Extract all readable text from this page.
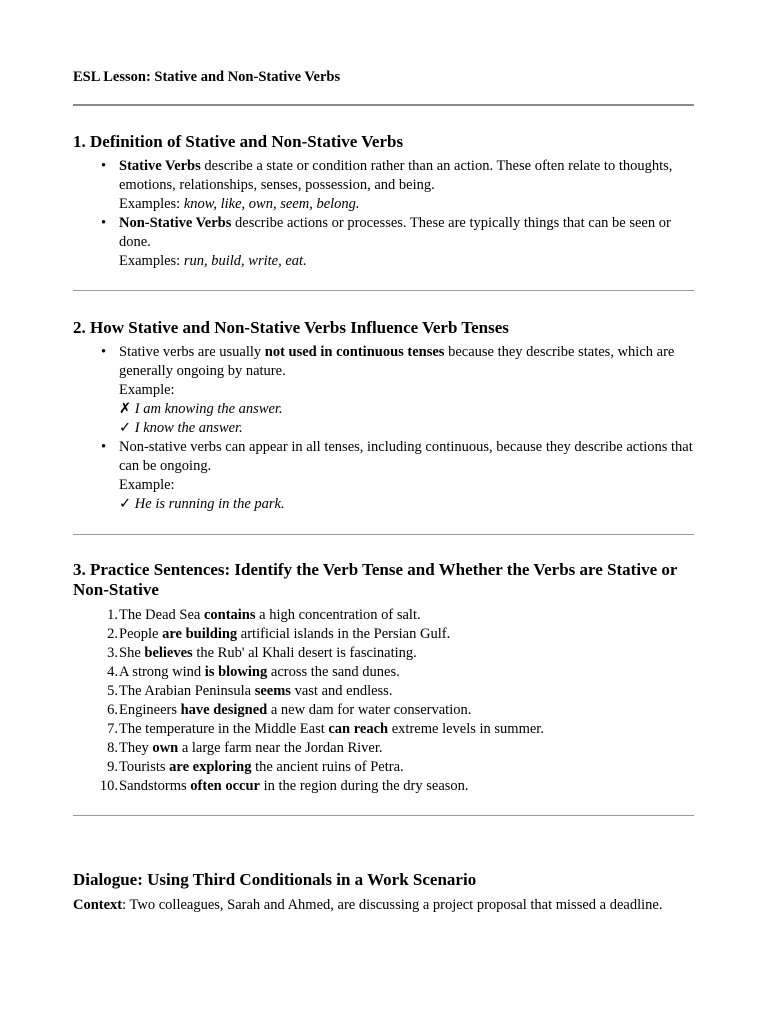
ESL Lesson: Stative and Non-Stative Verbs
1. Definition of Stative and Non-Stative Verbs
• Stative Verbs describe a state or condition rather than an action. These often relate to thoughts, emotions, relationships, senses, possession, and being.
Examples: know, like, own, seem, belong.
• Non-Stative Verbs describe actions or processes. These are typically things that can be seen or done.
Examples: run, build, write, eat.
2. How Stative and Non-Stative Verbs Influence Verb Tenses
• Stative verbs are usually not used in continuous tenses because they describe states, which are generally ongoing by nature.
Example:
✗ I am knowing the answer.
✓ I know the answer.
• Non-stative verbs can appear in all tenses, including continuous, because they describe actions that can be ongoing.
Example:
✓ He is running in the park.
3. Practice Sentences: Identify the Verb Tense and Whether the Verbs are Stative or Non-Stative
1. The Dead Sea contains a high concentration of salt.
2. People are building artificial islands in the Persian Gulf.
3. She believes the Rub' al Khali desert is fascinating.
4. A strong wind is blowing across the sand dunes.
5. The Arabian Peninsula seems vast and endless.
6. Engineers have designed a new dam for water conservation.
7. The temperature in the Middle East can reach extreme levels in summer.
8. They own a large farm near the Jordan River.
9. Tourists are exploring the ancient ruins of Petra.
10. Sandstorms often occur in the region during the dry season.
Dialogue: Using Third Conditionals in a Work Scenario
Context: Two colleagues, Sarah and Ahmed, are discussing a project proposal that missed a deadline.
